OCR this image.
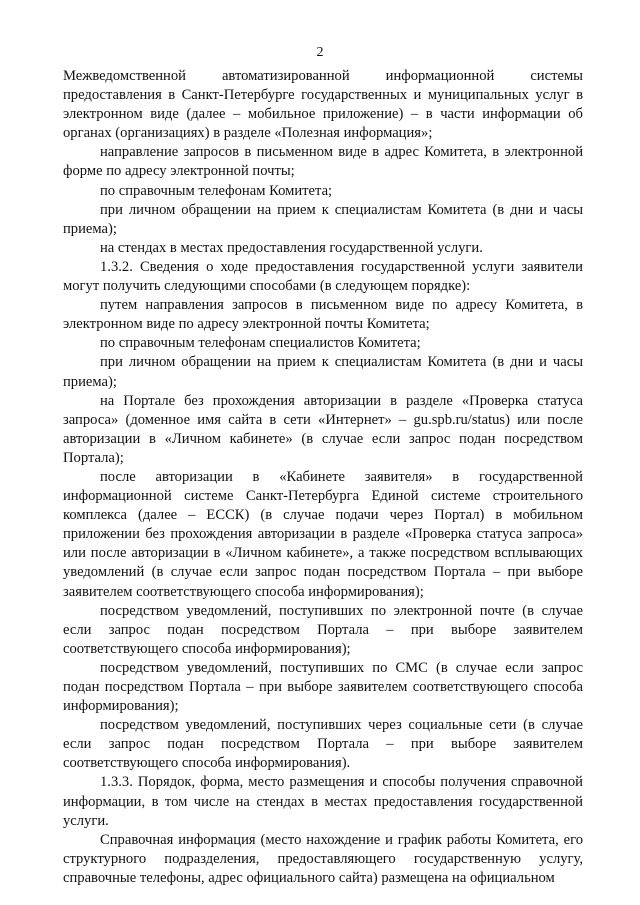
2

Межведомственной автоматизированной информационной системы предоставления в Санкт-Петербурге государственных и муниципальных услуг в электронном виде (далее – мобильное приложение) – в части информации об органах (организациях) в разделе «Полезная информация»;

направление запросов в письменном виде в адрес Комитета, в электронной форме по адресу электронной почты;

по справочным телефонам Комитета;

при личном обращении на прием к специалистам Комитета (в дни и часы приема);

на стендах в местах предоставления государственной услуги.

1.3.2. Сведения о ходе предоставления государственной услуги заявители могут получить следующими способами (в следующем порядке):

путем направления запросов в письменном виде по адресу Комитета, в электронном виде по адресу электронной почты Комитета;

по справочным телефонам специалистов Комитета;

при личном обращении на прием к специалистам Комитета (в дни и часы приема);

на Портале без прохождения авторизации в разделе «Проверка статуса запроса» (доменное имя сайта в сети «Интернет» – gu.spb.ru/status) или после авторизации в «Личном кабинете» (в случае если запрос подан посредством Портала);

после авторизации в «Кабинете заявителя» в государственной информационной системе Санкт-Петербурга Единой системе строительного комплекса (далее – ЕССК) (в случае подачи через Портал) в мобильном приложении без прохождения авторизации в разделе «Проверка статуса запроса» или после авторизации в «Личном кабинете», а также посредством всплывающих уведомлений (в случае если запрос подан посредством Портала – при выборе заявителем соответствующего способа информирования);

посредством уведомлений, поступивших по электронной почте (в случае если запрос подан посредством Портала – при выборе заявителем соответствующего способа информирования);

посредством уведомлений, поступивших по СМС (в случае если запрос подан посредством Портала – при выборе заявителем соответствующего способа информирования);

посредством уведомлений, поступивших через социальные сети (в случае если запрос подан посредством Портала – при выборе заявителем соответствующего способа информирования).

1.3.3. Порядок, форма, место размещения и способы получения справочной информации, в том числе на стендах в местах предоставления государственной услуги.

Справочная информация (место нахождение и график работы Комитета, его структурного подразделения, предоставляющего государственную услугу, справочные телефоны, адрес официального сайта) размещена на официальном
